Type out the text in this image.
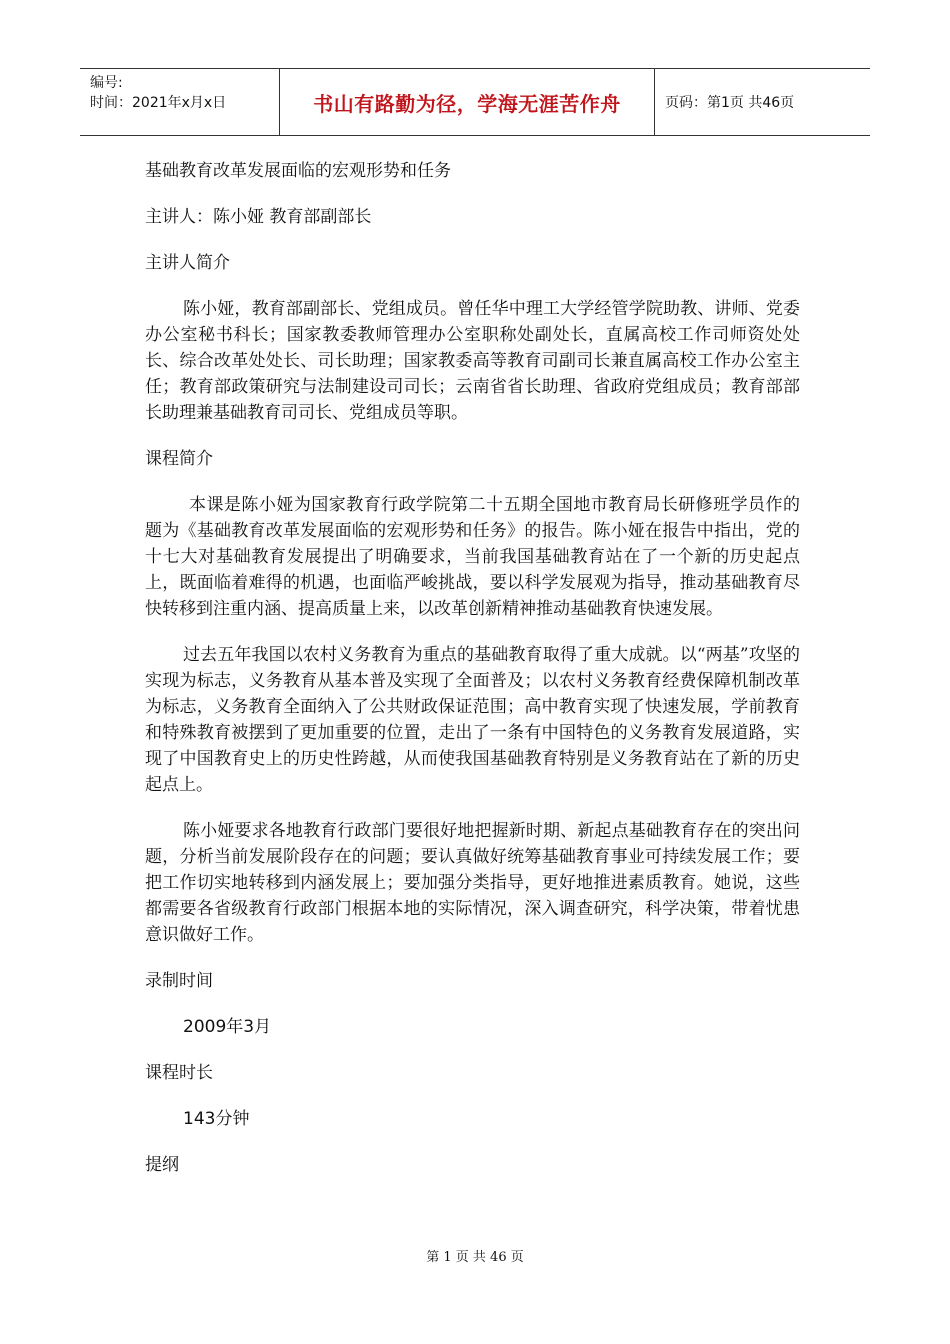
编号:
时间：2021年x月x日	书山有路勤为径，学海无涯苦作舟	页码：第1页 共46页

基础教育改革发展面临的宏观形势和任务

主讲人：陈小娅 教育部副部长

主讲人简介

陈小娅，教育部副部长、党组成员。曾任华中理工大学经管学院助教、讲师、党委办公室秘书科长；国家教委教师管理办公室职称处副处长，直属高校工作司师资处处长、综合改革处处长、司长助理；国家教委高等教育司副司长兼直属高校工作办公室主任；教育部政策研究与法制建设司司长；云南省省长助理、省政府党组成员；教育部部长助理兼基础教育司司长、党组成员等职。

课程简介

本课是陈小娅为国家教育行政学院第二十五期全国地市教育局长研修班学员作的题为《基础教育改革发展面临的宏观形势和任务》的报告。陈小娅在报告中指出，党的十七大对基础教育发展提出了明确要求，当前我国基础教育站在了一个新的历史起点上，既面临着难得的机遇，也面临严峻挑战，要以科学发展观为指导，推动基础教育尽快转移到注重内涵、提高质量上来，以改革创新精神推动基础教育快速发展。

过去五年我国以农村义务教育为重点的基础教育取得了重大成就。以“两基”攻坚的实现为标志，义务教育从基本普及实现了全面普及；以农村义务教育经费保障机制改革为标志，义务教育全面纳入了公共财政保证范围；高中教育实现了快速发展，学前教育和特殊教育被摆到了更加重要的位置，走出了一条有中国特色的义务教育发展道路，实现了中国教育史上的历史性跨越，从而使我国基础教育特别是义务教育站在了新的历史起点上。

陈小娅要求各地教育行政部门要很好地把握新时期、新起点基础教育存在的突出问题，分析当前发展阶段存在的问题；要认真做好统筹基础教育事业可持续发展工作；要把工作切实地转移到内涵发展上；要加强分类指导，更好地推进素质教育。她说，这些都需要各省级教育行政部门根据本地的实际情况，深入调查研究，科学决策，带着忧患意识做好工作。

录制时间

2009年3月

课程时长

143分钟

提纲

第 1 页 共 46 页
